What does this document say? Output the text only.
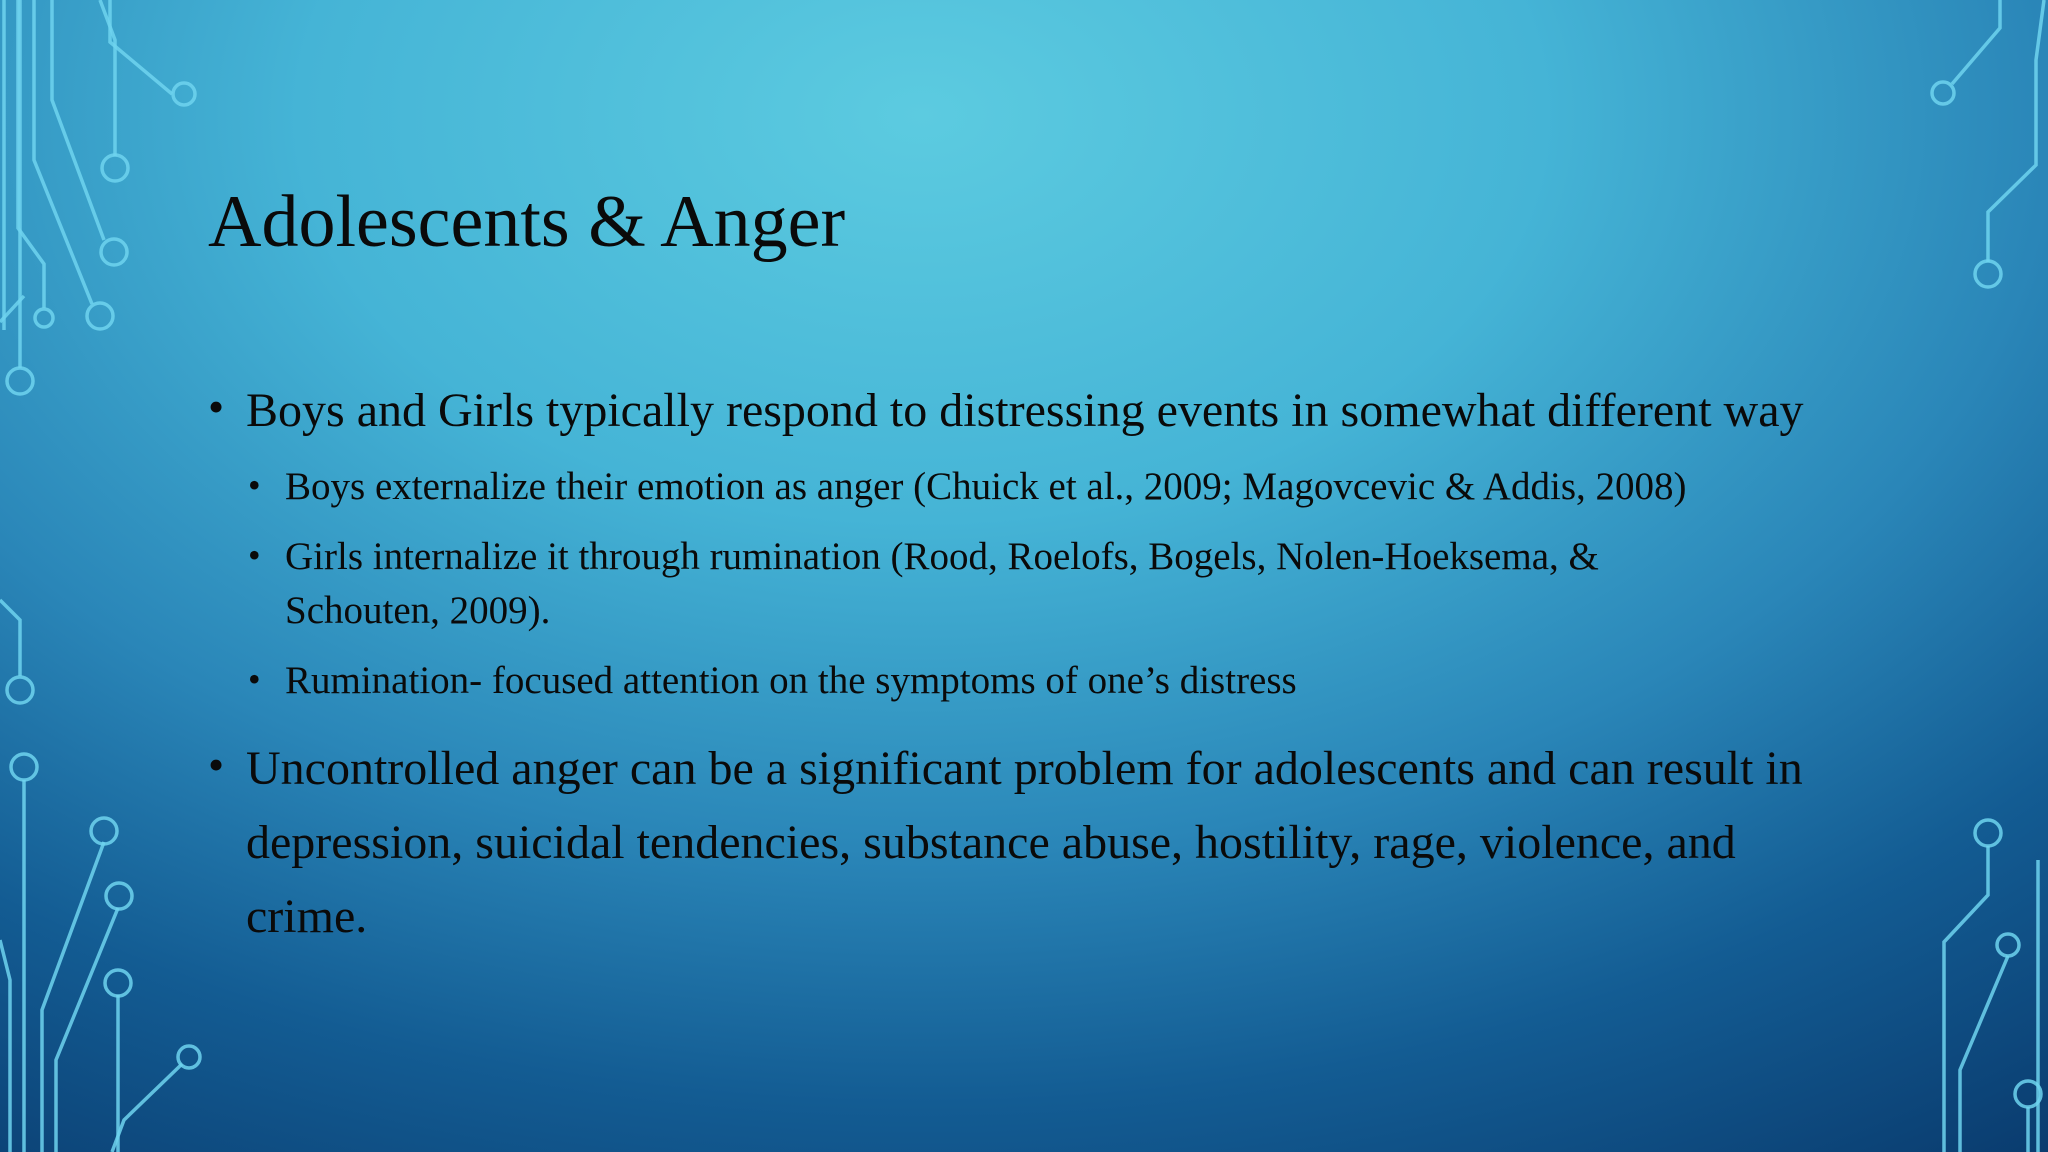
Adolescents & Anger
• Boys and Girls typically respond to distressing events in somewhat different way
• Boys externalize their emotion as anger (Chuick et al., 2009; Magovcevic & Addis, 2008)
• Girls internalize it through rumination (Rood, Roelofs, Bogels, Nolen-Hoeksema, & Schouten, 2009).
• Rumination- focused attention on the symptoms of one’s distress
• Uncontrolled anger can be a significant problem for adolescents and can result in depression, suicidal tendencies, substance abuse, hostility, rage, violence, and crime.
